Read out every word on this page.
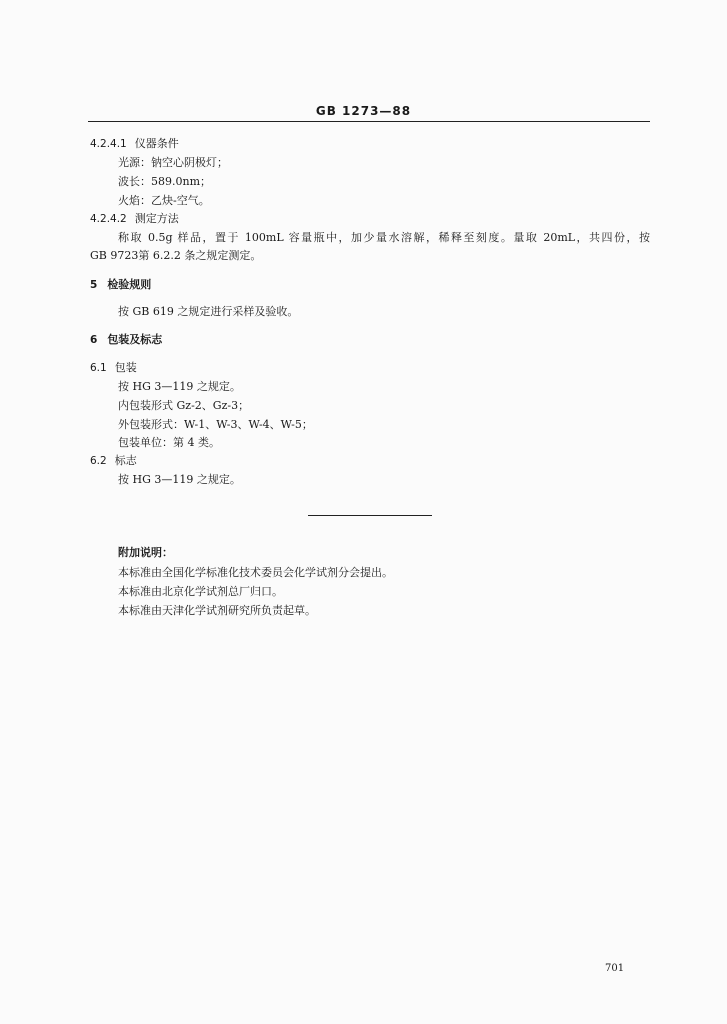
GB 1273—88
4.2.4.1 仪器条件
光源：钠空心阴极灯；
波长：589.0nm；
火焰：乙炔-空气。
4.2.4.2 测定方法
称取 0.5g 样品，置于 100mL 容量瓶中，加少量水溶解，稀释至刻度。量取 20mL，共四份，按
GB 9723第 6.2.2 条之规定测定。
5 检验规则
按 GB 619 之规定进行采样及验收。
6 包装及标志
6.1 包装
按 HG 3—119 之规定。
内包装形式 Gz-2、Gz-3；
外包装形式：W-1、W-3、W-4、W-5；
包装单位：第 4 类。
6.2 标志
按 HG 3—119 之规定。
附加说明：
本标准由全国化学标准化技术委员会化学试剂分会提出。
本标准由北京化学试剂总厂归口。
本标准由天津化学试剂研究所负责起草。
701
